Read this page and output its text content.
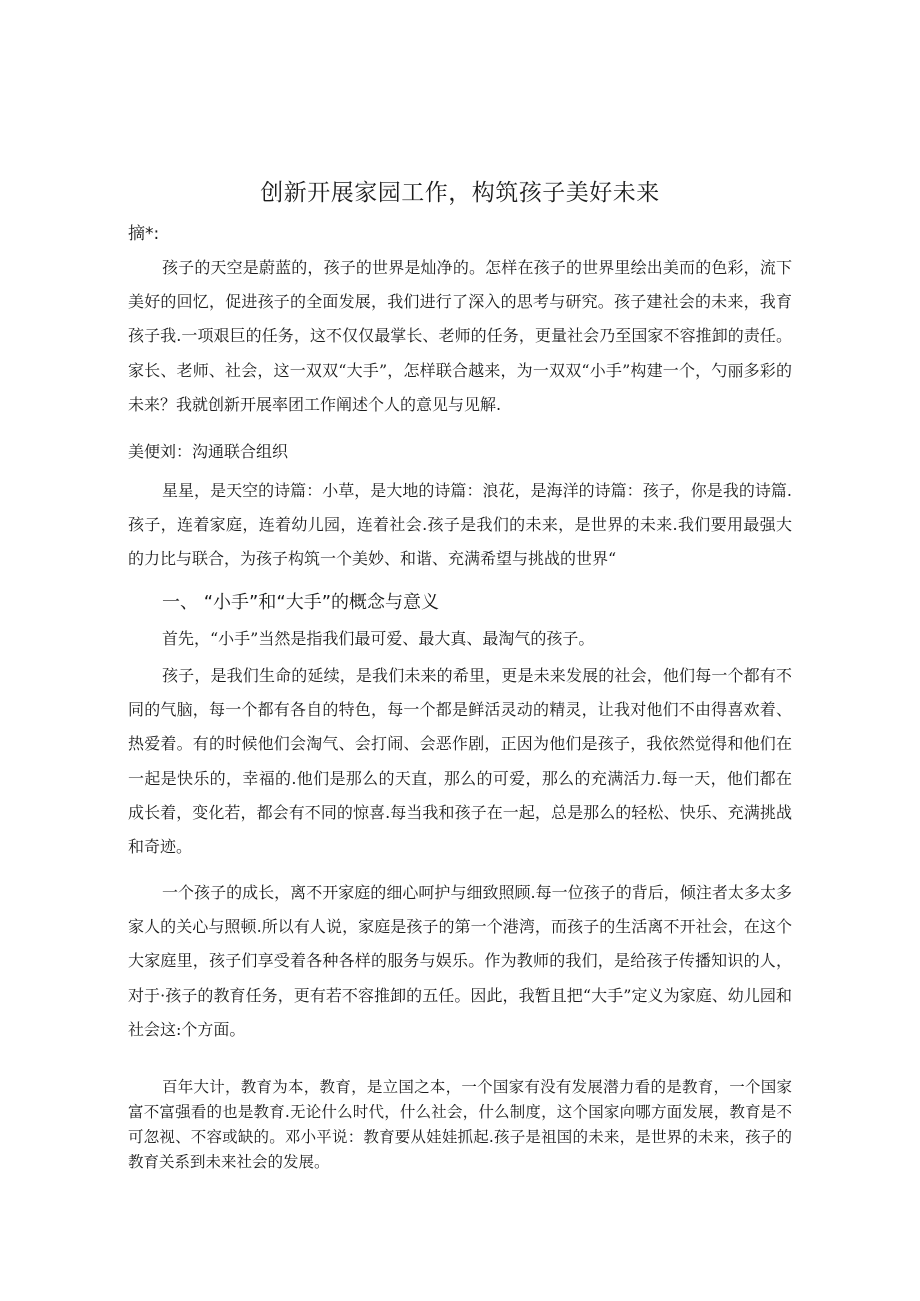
创新开展家园工作，构筑孩子美好未来
摘*:

孩子的天空是蔚蓝的，孩子的世界是灿净的。怎样在孩子的世界里绘出美而的色彩，流下美好的回忆，促进孩子的全面发展，我们进行了深入的思考与研究。孩子建社会的未来，我育孩子我.一项艰巨的任务，这不仅仅最掌长、老师的任务，更量社会乃至国家不容推卸的责任。家长、老师、社会，这一双双“大手”，怎样联合越来，为一双双“小手”构建一个，勺丽多彩的未来？我就创新开展率团工作阐述个人的意见与见解.

美便刘：沟通联合组织

星星，是天空的诗篇：小草，是大地的诗篇：浪花，是海洋的诗篇：孩子，你是我的诗篇.孩子，连着家庭，连着幼儿园，连着社会.孩子是我们的未来，是世界的未来.我们要用最强大的力比与联合，为孩子构筑一个美妙、和谐、充满希望与挑战的世界“

一、 “小手”和“大手”的概念与意义

首先，“小手”当然是指我们最可爱、最大真、最淘气的孩子。

孩子，是我们生命的延续，是我们未来的希里，更是未来发展的社会，他们每一个都有不同的气脑，每一个都有各自的特色，每一个都是鲜活灵动的精灵，让我对他们不由得喜欢着、热爱着。有的时候他们会淘气、会打闹、会恶作剧，正因为他们是孩子，我依然觉得和他们在一起是快乐的，幸福的.他们是那么的天直，那么的可爱，那么的充满活力.每一天，他们都在成长着，变化若，都会有不同的惊喜.每当我和孩子在一起，总是那么的轻松、快乐、充满挑战和奇迹。

一个孩子的成长，离不开家庭的细心呵护与细致照顾.每一位孩子的背后，倾注者太多太多家人的关心与照顿.所以有人说，家庭是孩子的第一个港湾，而孩子的生活离不开社会，在这个大家庭里，孩子们享受着各种各样的服务与娱乐。作为教师的我们，是给孩子传播知识的人，对于·孩子的教育任务，更有若不容推卸的五任。因此，我暂且把“大手”定义为家庭、幼儿园和社会这:个方面。

百年大计，教育为本，教育，是立国之本，一个国家有没有发展潜力看的是教育，一个国家富不富强看的也是教育.无论什么时代，什么社会，什么制度，这个国家向哪方面发展，教育是不可忽视、不容或缺的。邓小平说：教育要从娃娃抓起.孩子是祖国的未来，是世界的未来，孩子的教育关系到未来社会的发展。
